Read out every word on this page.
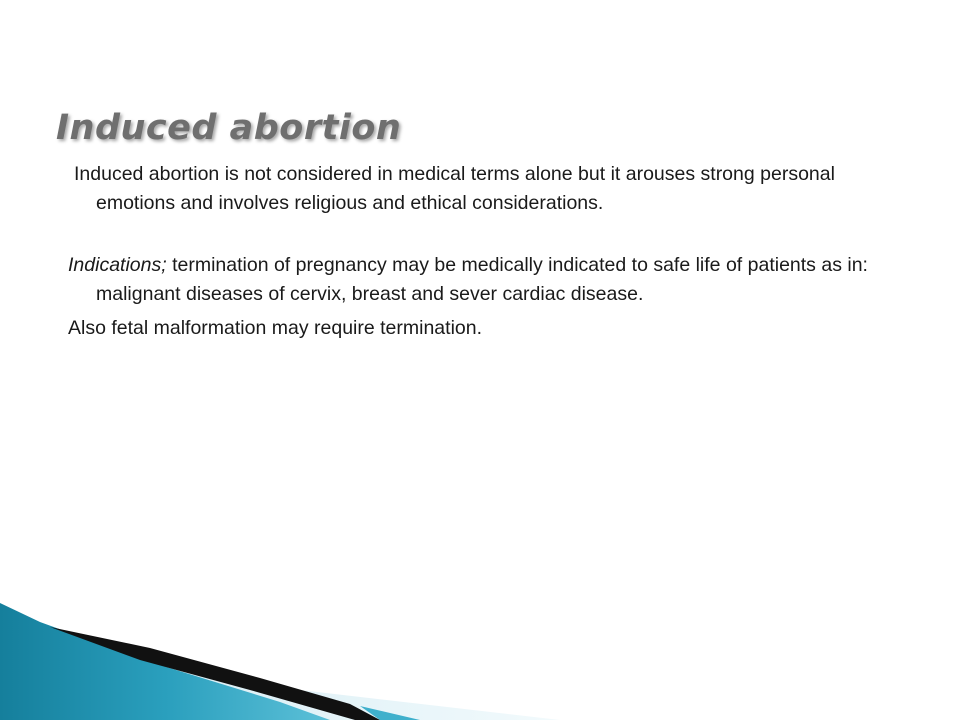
Induced abortion

Induced abortion is not considered in medical terms alone but it arouses strong personal emotions and involves religious and ethical considerations.

Indications; termination of pregnancy may be medically indicated to safe life of patients as in: malignant diseases of cervix, breast and sever cardiac disease.

Also fetal malformation may require termination.
